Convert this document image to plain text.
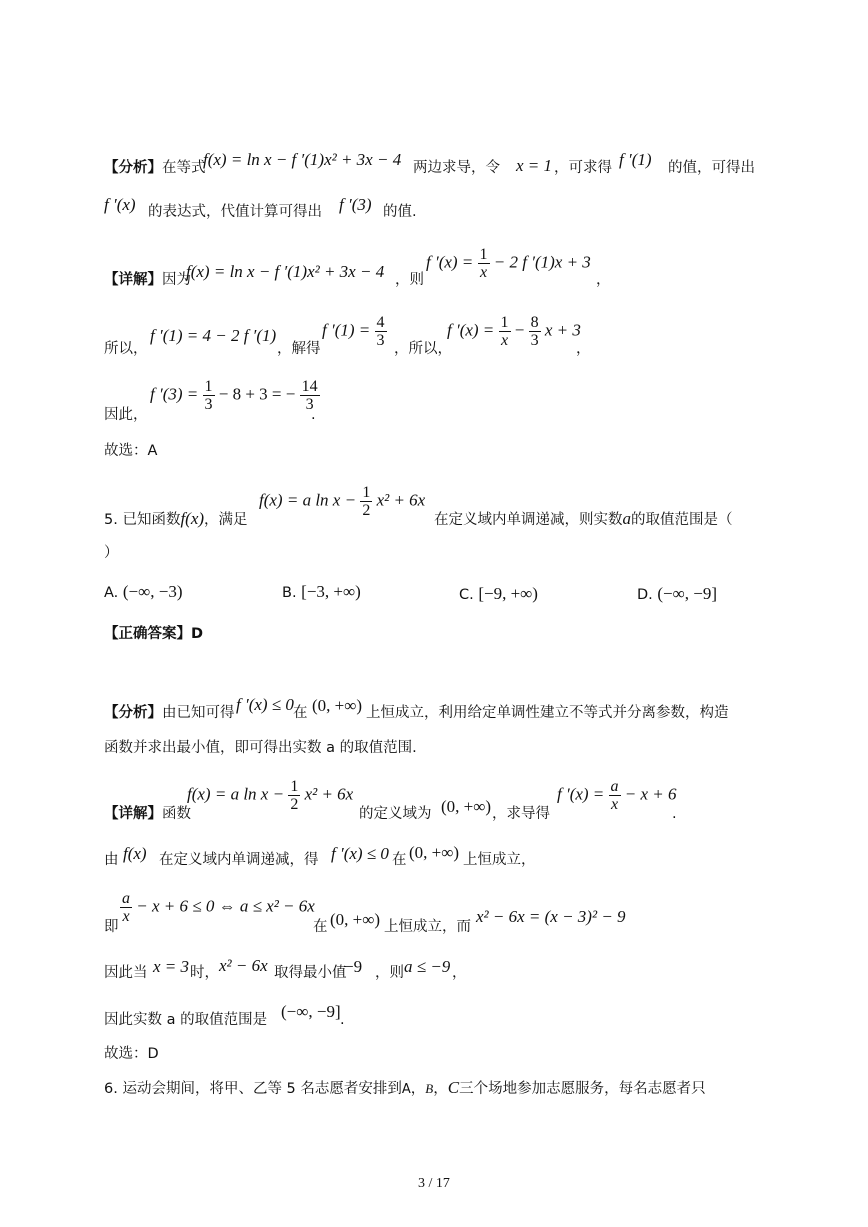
【分析】在等式
f(x) = ln x − f ′(1)x² + 3x − 4 两边求导，令 x = 1 ，可求得 f ′(1) 的值，可得出
f ′(x) 的表达式，代值计算可得出 f ′(3) 的值.
【详解】因为
f(x) = ln x − f ′(1)x² + 3x − 4 ，则
f $'(x) = \frac{1}{x} - 2$ f ′(1)x + 3
，
所以，
f ′(1) = 4 − 2 f ′(1)
，解得
f $'(1) = \frac{4}{3}$ ，所以，
f $'(x) = \frac{1}{x} - \frac{8}{3}$ x + 3
，
因此，
f $'(3) = \frac{1}{3} - 8 + 3$ = − $\frac{14}{3}$
.
故选：A
5. 已知函数f(x)，满足
f(x) = a $\ln x - \frac{1}{2} x^2 + 6x$
在定义域内单调递减，则实数a的取值范围是（
）
A. (−∞, −3)	B. [−3, +∞)	C. [−9, +∞)	D. (−∞, −9]
【正确答案】D
【分析】由已知可得 f ′(x) ≤ 0 在 (0, +∞) 上恒成立，利用给定单调性建立不等式并分离参数，构造
函数并求出最小值，即可得出实数 a 的取值范围.
【详解】函数
f(x) = a $\ln x - \frac{1}{2} x^2 + 6x$
的定义域为 (0, +∞) ，求导得
f $'(x) = \frac{a}{x} - x + 6$
.
由 f(x) 在定义域内单调递减，得 f ′(x) ≤ 0 在 (0, +∞) 上恒成立，
即
$\frac{a}{x} - x + 6 \le 0$ ⇔ a ≤ x² − 6x
在 (0, +∞) 上恒成立，而
x² − 6x = (x − 3)² − 9
因此当 x = 3 时， x² − 6x 取得最小值
−9 ，则 a ≤ −9 ，
因此实数 a 的取值范围是 (−∞, −9] .
故选：D
6. 运动会期间，将甲、乙等 5 名志愿者安排到A，B，C三个场地参加志愿服务，每名志愿者只
3 / 17
